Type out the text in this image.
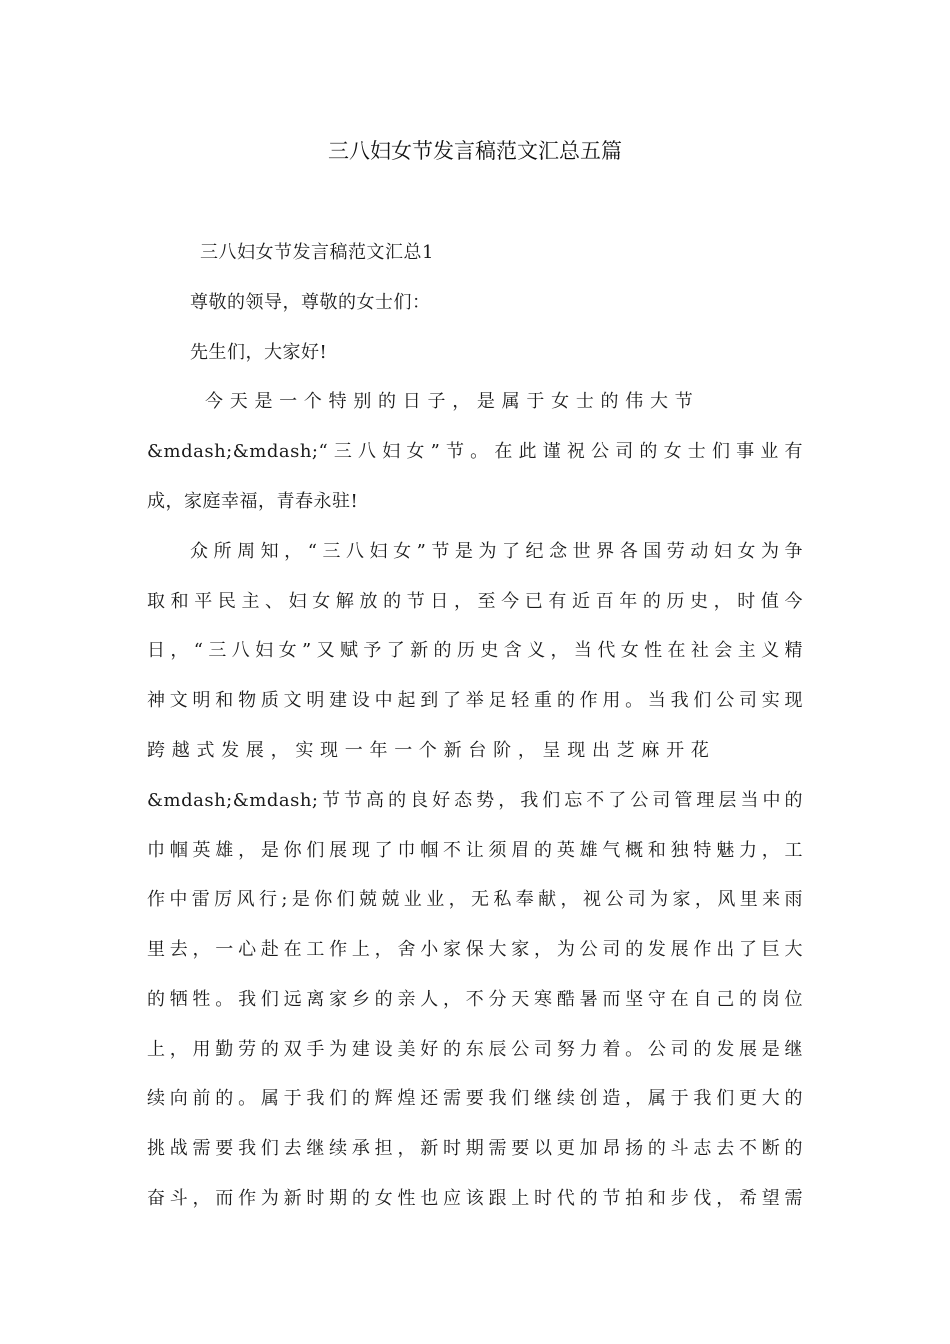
三八妇女节发言稿范文汇总五篇
三八妇女节发言稿范文汇总1
尊敬的领导，尊敬的女士们：
先生们，大家好!
今 天 是 一 个 特 别 的 日 子 ， 是 属 于 女 士 的 伟 大 节
&mdash;&mdash;“三八妇女”节。在此谨祝公司的女士们事业有
成，家庭幸福，青春永驻!
众所周知，“三八妇女”节是为了纪念世界各国劳动妇女为争
取和平民主、妇女解放的节日，至今已有近百年的历史，时值今
日，“三八妇女”又赋予了新的历史含义，当代女性在社会主义精
神文明和物质文明建设中起到了举足轻重的作用。当我们公司实现
跨 越 式 发 展 ， 实 现 一 年 一 个 新 台 阶 ， 呈 现 出 芝 麻 开 花
&mdash;&mdash;节节高的良好态势，我们忘不了公司管理层当中的
巾帼英雄，是你们展现了巾帼不让须眉的英雄气概和独特魅力，工
作中雷厉风行;是你们兢兢业业，无私奉献，视公司为家，风里来雨
里去，一心赴在工作上，舍小家保大家，为公司的发展作出了巨大
的牺牲。我们远离家乡的亲人，不分天寒酷暑而坚守在自己的岗位
上，用勤劳的双手为建设美好的东辰公司努力着。公司的发展是继
续向前的。属于我们的辉煌还需要我们继续创造，属于我们更大的
挑战需要我们去继续承担，新时期需要以更加昂扬的斗志去不断的
奋斗，而作为新时期的女性也应该跟上时代的节拍和步伐，希望需
